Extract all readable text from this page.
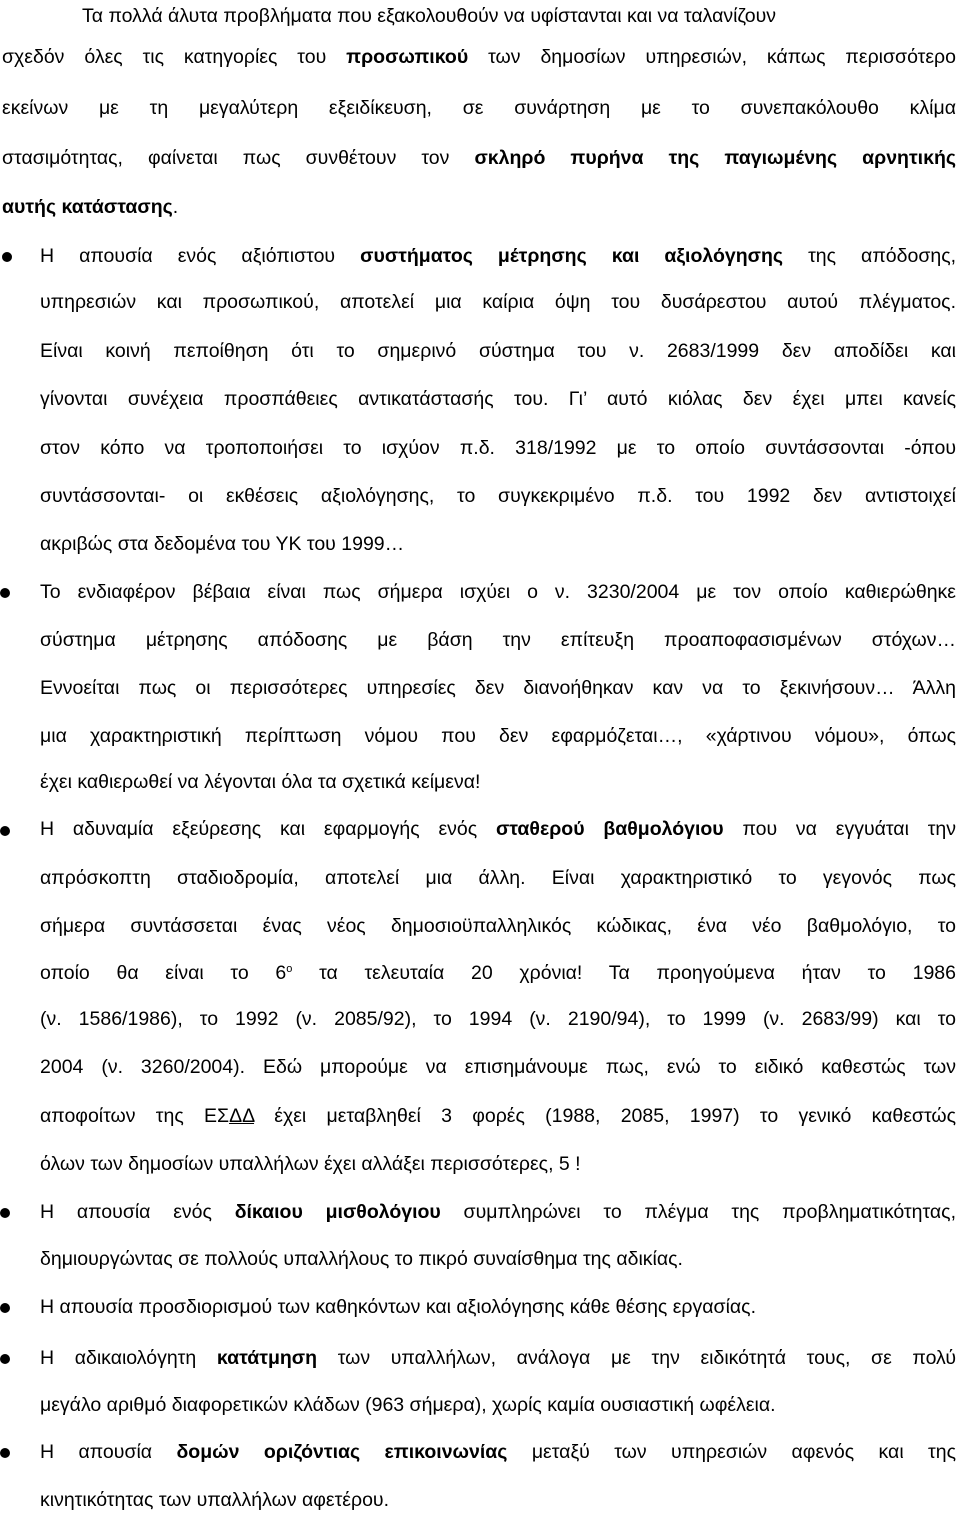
Τα πολλά άλυτα προβλήματα που εξακολουθούν να υφίστανται και να ταλανίζουν
σχεδόν όλες τις κατηγορίες του προσωπικού των δημοσίων υπηρεσιών, κάπως περισσότερο
εκείνων με τη μεγαλύτερη εξειδίκευση, σε συνάρτηση με το συνεπακόλουθο κλίμα
στασιμότητας, φαίνεται πως συνθέτουν τον σκληρό πυρήνα της παγιωμένης αρνητικής
αυτής κατάστασης.
Η απουσία ενός αξιόπιστου συστήματος μέτρησης και αξιολόγησης της απόδοσης,
υπηρεσιών και προσωπικού, αποτελεί μια καίρια όψη του δυσάρεστου αυτού πλέγματος.
Είναι κοινή πεποίθηση ότι το σημερινό σύστημα του ν. 2683/1999 δεν αποδίδει και
γίνονται συνέχεια προσπάθειες αντικατάστασής του. Γι’ αυτό κιόλας δεν έχει μπει κανείς
στον κόπο να τροποποιήσει το ισχύον π.δ. 318/1992 με το οποίο συντάσσονται -όπου
συντάσσονται- οι εκθέσεις αξιολόγησης, το συγκεκριμένο π.δ. του 1992 δεν αντιστοιχεί
ακριβώς στα δεδομένα του ΥΚ του 1999…
Το ενδιαφέρον βέβαια είναι πως σήμερα ισχύει ο ν. 3230/2004 με τον οποίο καθιερώθηκε
σύστημα μέτρησης απόδοσης με βάση την επίτευξη προαποφασισμένων στόχων…
Εννοείται πως οι περισσότερες υπηρεσίες δεν διανοήθηκαν καν να το ξεκινήσουν… Άλλη
μια χαρακτηριστική περίπτωση νόμου που δεν εφαρμόζεται…, «χάρτινου νόμου», όπως
έχει καθιερωθεί να λέγονται όλα τα σχετικά κείμενα!
Η αδυναμία εξεύρεσης και εφαρμογής ενός σταθερού βαθμολόγιου που να εγγυάται την
απρόσκοπτη σταδιοδρομία, αποτελεί μια άλλη. Είναι χαρακτηριστικό το γεγονός πως
σήμερα συντάσσεται ένας νέος δημοσιοϋπαλληλικός κώδικας, ένα νέο βαθμολόγιο, το
οποίο θα είναι το $6^o$ τα τελευταία 20 χρόνια! Τα προηγούμενα ήταν το 1986
(ν. 1586/1986), το 1992 (ν. 2085/92), το 1994 (ν. 2190/94), το 1999 (ν. 2683/99) και το
2004 (ν. 3260/2004). Εδώ μπορούμε να επισημάνουμε πως, ενώ το ειδικό καθεστώς των
αποφοίτων της ΕΣΔΔ έχει μεταβληθεί 3 φορές (1988, 2085, 1997) το γενικό καθεστώς
όλων των δημοσίων υπαλλήλων έχει αλλάξει περισσότερες, 5 !
Η απουσία ενός δίκαιου μισθολόγιου συμπληρώνει το πλέγμα της προβληματικότητας,
δημιουργώντας σε πολλούς υπαλλήλους το πικρό συναίσθημα της αδικίας.
Η απουσία προσδιορισμού των καθηκόντων και αξιολόγησης κάθε θέσης εργασίας.
Η αδικαιολόγητη κατάτμηση των υπαλλήλων, ανάλογα με την ειδικότητά τους, σε πολύ
μεγάλο αριθμό διαφορετικών κλάδων (963 σήμερα), χωρίς καμία ουσιαστική ωφέλεια.
Η απουσία δομών οριζόντιας επικοινωνίας μεταξύ των υπηρεσιών αφενός και της
κινητικότητας των υπαλλήλων αφετέρου.
